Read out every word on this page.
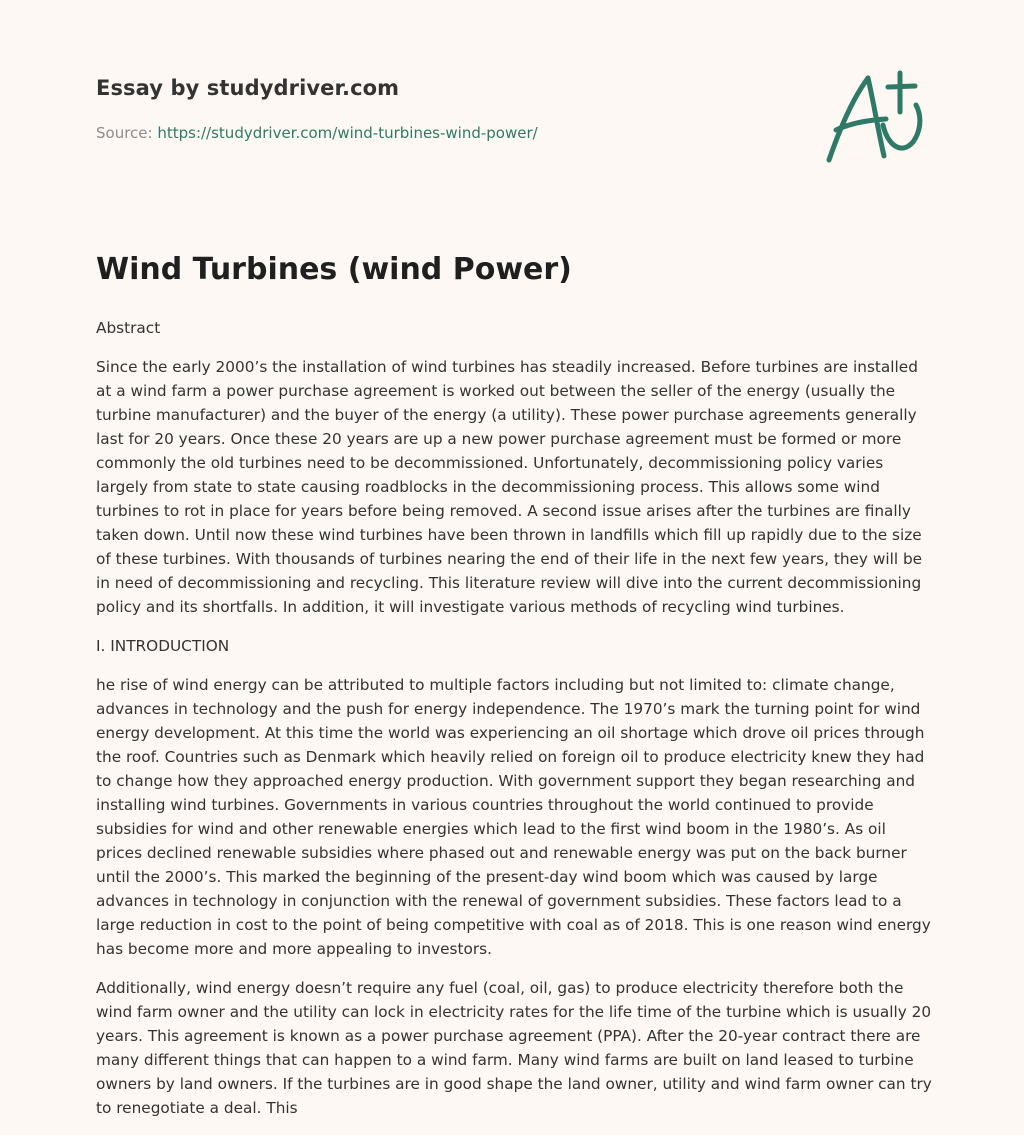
Essay by studydriver.com
Source: https://studydriver.com/wind-turbines-wind-power/
Wind Turbines (wind Power)

Abstract

Since the early 2000’s the installation of wind turbines has steadily increased. Before turbines are installed at a wind farm a power purchase agreement is worked out between the seller of the energy (usually the turbine manufacturer) and the buyer of the energy (a utility). These power purchase agreements generally last for 20 years. Once these 20 years are up a new power purchase agreement must be formed or more commonly the old turbines need to be decommissioned. Unfortunately, decommissioning policy varies largely from state to state causing roadblocks in the decommissioning process. This allows some wind turbines to rot in place for years before being removed. A second issue arises after the turbines are finally taken down. Until now these wind turbines have been thrown in landfills which fill up rapidly due to the size of these turbines. With thousands of turbines nearing the end of their life in the next few years, they will be in need of decommissioning and recycling. This literature review will dive into the current decommissioning policy and its shortfalls. In addition, it will investigate various methods of recycling wind turbines.

I. INTRODUCTION

he rise of wind energy can be attributed to multiple factors including but not limited to: climate change, advances in technology and the push for energy independence. The 1970’s mark the turning point for wind energy development. At this time the world was experiencing an oil shortage which drove oil prices through the roof. Countries such as Denmark which heavily relied on foreign oil to produce electricity knew they had to change how they approached energy production. With government support they began researching and installing wind turbines. Governments in various countries throughout the world continued to provide subsidies for wind and other renewable energies which lead to the first wind boom in the 1980’s. As oil prices declined renewable subsidies where phased out and renewable energy was put on the back burner until the 2000’s. This marked the beginning of the present-day wind boom which was caused by large advances in technology in conjunction with the renewal of government subsidies. These factors lead to a large reduction in cost to the point of being competitive with coal as of 2018. This is one reason wind energy has become more and more appealing to investors.

Additionally, wind energy doesn’t require any fuel (coal, oil, gas) to produce electricity therefore both the wind farm owner and the utility can lock in electricity rates for the life time of the turbine which is usually 20 years. This agreement is known as a power purchase agreement (PPA). After the 20-year contract there are many different things that can happen to a wind farm. Many wind farms are built on land leased to turbine owners by land owners. If the turbines are in good shape the land owner, utility and wind farm owner can try to renegotiate a deal. This
